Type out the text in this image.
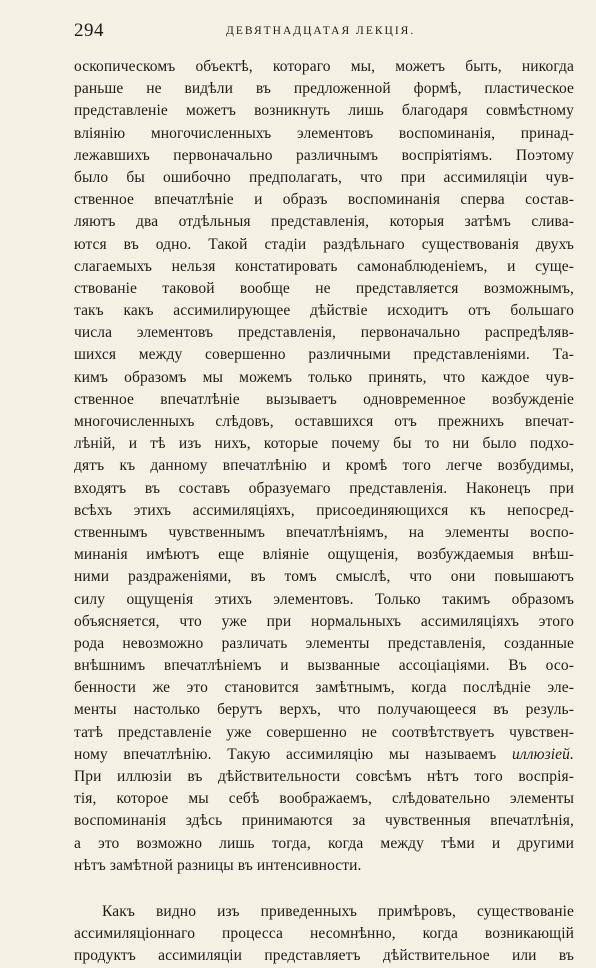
294	ДЕВЯТНАДЦАТАЯ ЛЕКЦІЯ.
оскопическомъ объектѣ, котораго мы, можетъ быть, никогда
раньше не видѣли въ предложенной формѣ, пластическое
представленіе можетъ возникнуть лишь благодаря совмѣстному
вліянію многочисленныхъ элементовъ воспоминанія, принад-
лежавшихъ первоначально различнымъ воспріятіямъ. Поэтому
было бы ошибочно предполагать, что при ассимиляціи чув-
ственное впечатлѣніе и образъ воспоминанія сперва состав-
ляютъ два отдѣльныя представленія, которыя затѣмъ слива-
ются въ одно. Такой стадіи раздѣльнаго существованія двухъ
слагаемыхъ нельзя констатировать самонаблюденіемъ, и суще-
ствованіе таковой вообще не представляется возможнымъ,
такъ какъ ассимилирующее дѣйствіе исходитъ отъ большаго
числа элементовъ представленія, первоначально распредѣляв-
шихся между совершенно различными представленіями. Та-
кимъ образомъ мы можемъ только принять, что каждое чув-
ственное впечатлѣніе вызываетъ одновременное возбужденіе
многочисленныхъ слѣдовъ, оставшихся отъ прежнихъ впечат-
лѣній, и тѣ изъ нихъ, которые почему бы то ни было подхо-
дятъ къ данному впечатлѣнію и кромѣ того легче возбудимы,
входятъ въ составъ образуемаго представленія. Наконецъ при
всѣхъ этихъ ассимиляціяхъ, присоединяющихся къ непосред-
ственнымъ чувственнымъ впечатлѣніямъ, на элементы воспо-
минанія имѣютъ еще вліяніе ощущенія, возбуждаемыя внѣш-
ними раздраженіями, въ томъ смыслѣ, что они повышаютъ
силу ощущенія этихъ элементовъ. Только такимъ образомъ
объясняется, что уже при нормальныхъ ассимиляціяхъ этого
рода невозможно различать элементы представленія, созданные
внѣшнимъ впечатлѣніемъ и вызванные ассоціаціями. Въ осо-
бенности же это становится замѣтнымъ, когда послѣдніе эле-
менты настолько берутъ верхъ, что получающееся въ резуль-
татѣ представленіе уже совершенно не соотвѣтствуетъ чувствен-
ному впечатлѣнію. Такую ассимиляцію мы называемъ иллюзіей.
При иллюзіи въ дѣйствительности совсѣмъ нѣтъ того воспрія-
тія, которое мы себѣ воображаемъ, слѣдовательно элементы
воспоминанія здѣсь принимаются за чувственныя впечатлѣнія,
а это возможно лишь тогда, когда между тѣми и другими
нѣтъ замѣтной разницы въ интенсивности.
Какъ видно изъ приведенныхъ примѣровъ, существованіе
ассимиляціоннаго процесса несомнѣнно, когда возникающій
продуктъ ассимиляціи представляетъ дѣйствительное или въ
